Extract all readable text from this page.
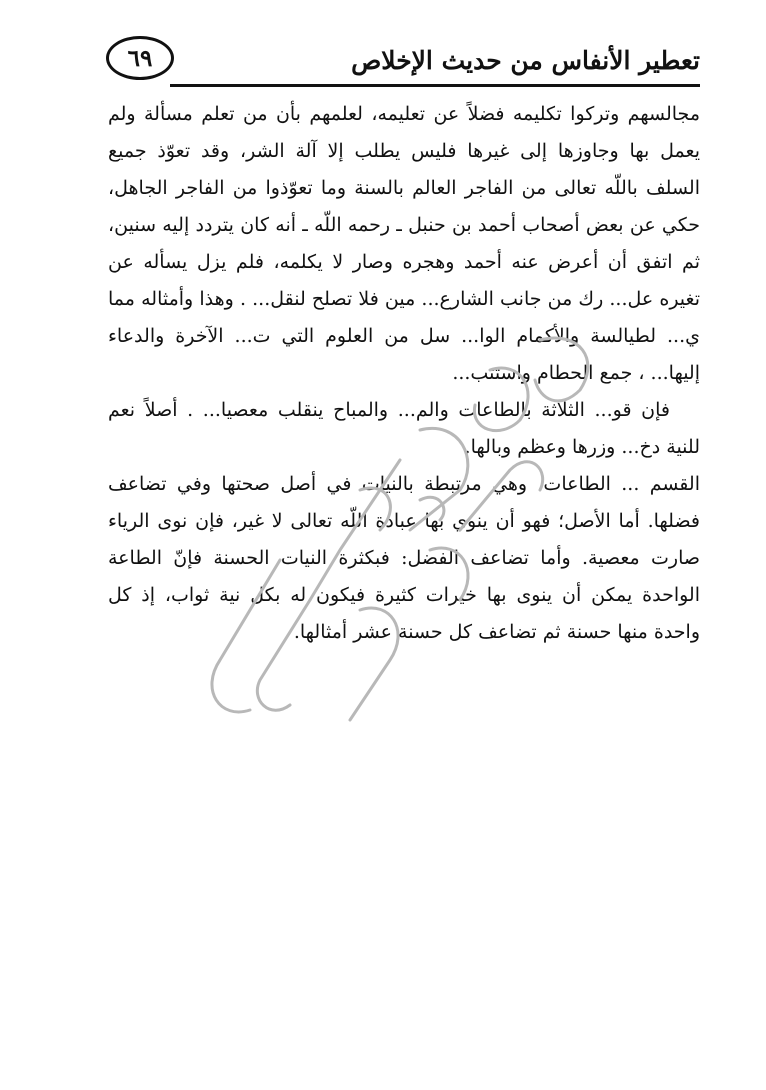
٦٩	تعطير الأنفاس من حديث الإخلاص

مجالسهم وتركوا تكليمه فضلاً عن تعليمه، لعلمهم بأن من تعلم مسألة ولم يعمل بها وجاوزها إلى غيرها فليس يطلب إلا آلة الشر، وقد تعوّذ جميع السلف باللّه تعالى من الفاجر العالم بالسنة وما تعوّذوا من الفاجر الجاهل، حكي عن بعض أصحاب أحمد بن حنبل ـ رحمه اللّه ـ أنه كان يتردد إليه سنين، ثم اتفق أن أعرض عنه أحمد وهجره وصار لا يكلمه، فلم يزل يسأله عن تغيره عل... رك من جانب الشارع... مين فلا تصلح لنقل... . وهذا وأمثاله مما ي... لطيالسة والأكمام الوا... سل من العلوم التي ت... الآخرة والدعاء إليها... ، جمع الحطام واستتب...

فإن قو... الثلاثة بالطاعات والم... والمباح ينقلب معصيا... . أصلاً نعم للنية دخ... وزرها وعظم وبالها.

القسم ... الطاعات. وهي مرتبطة بالنيات في أصل صحتها وفي تضاعف فضلها. أما الأصل؛ فهو أن ينوي بها عبادة اللّه تعالى لا غير، فإن نوى الرياء صارت معصية. وأما تضاعف الفضل: فبكثرة النيات الحسنة فإنّ الطاعة الواحدة يمكن أن ينوى بها خيرات كثيرة فيكون له بكل نية ثواب، إذ كل واحدة منها حسنة ثم تضاعف كل حسنة عشر أمثالها.
